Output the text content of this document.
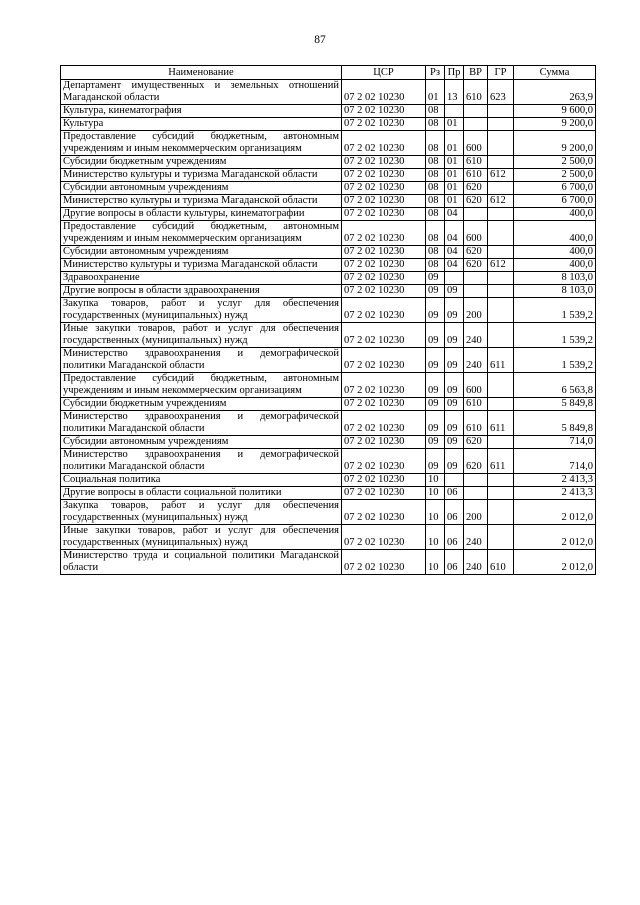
87
Наименование	ЦСР	Рз	Пр	ВР	ГР	Сумма
Департамент имущественных и земельных отношений Магаданской области	07 2 02 10230	01	13	610	623	263,9
Культура, кинематография	07 2 02 10230	08				9 600,0
Культура	07 2 02 10230	08	01			9 200,0
Предоставление субсидий бюджетным, автономным учреждениям и иным некоммерческим организациям	07 2 02 10230	08	01	600		9 200,0
Субсидии бюджетным учреждениям	07 2 02 10230	08	01	610		2 500,0
Министерство культуры и туризма Магаданской области	07 2 02 10230	08	01	610	612	2 500,0
Субсидии автономным учреждениям	07 2 02 10230	08	01	620		6 700,0
Министерство культуры и туризма Магаданской области	07 2 02 10230	08	01	620	612	6 700,0
Другие вопросы в области культуры, кинематографии	07 2 02 10230	08	04			400,0
Предоставление субсидий бюджетным, автономным учреждениям и иным некоммерческим организациям	07 2 02 10230	08	04	600		400,0
Субсидии автономным учреждениям	07 2 02 10230	08	04	620		400,0
Министерство культуры и туризма Магаданской области	07 2 02 10230	08	04	620	612	400,0
Здравоохранение	07 2 02 10230	09				8 103,0
Другие вопросы в области здравоохранения	07 2 02 10230	09	09			8 103,0
Закупка товаров, работ и услуг для обеспечения государственных (муниципальных) нужд	07 2 02 10230	09	09	200		1 539,2
Иные закупки товаров, работ и услуг для обеспечения государственных (муниципальных) нужд	07 2 02 10230	09	09	240		1 539,2
Министерство здравоохранения и демографической политики Магаданской области	07 2 02 10230	09	09	240	611	1 539,2
Предоставление субсидий бюджетным, автономным учреждениям и иным некоммерческим организациям	07 2 02 10230	09	09	600		6 563,8
Субсидии бюджетным учреждениям	07 2 02 10230	09	09	610		5 849,8
Министерство здравоохранения и демографической политики Магаданской области	07 2 02 10230	09	09	610	611	5 849,8
Субсидии автономным учреждениям	07 2 02 10230	09	09	620		714,0
Министерство здравоохранения и демографической политики Магаданской области	07 2 02 10230	09	09	620	611	714,0
Социальная политика	07 2 02 10230	10				2 413,3
Другие вопросы в области социальной политики	07 2 02 10230	10	06			2 413,3
Закупка товаров, работ и услуг для обеспечения государственных (муниципальных) нужд	07 2 02 10230	10	06	200		2 012,0
Иные закупки товаров, работ и услуг для обеспечения государственных (муниципальных) нужд	07 2 02 10230	10	06	240		2 012,0
Министерство труда и социальной политики Магаданской области	07 2 02 10230	10	06	240	610	2 012,0
